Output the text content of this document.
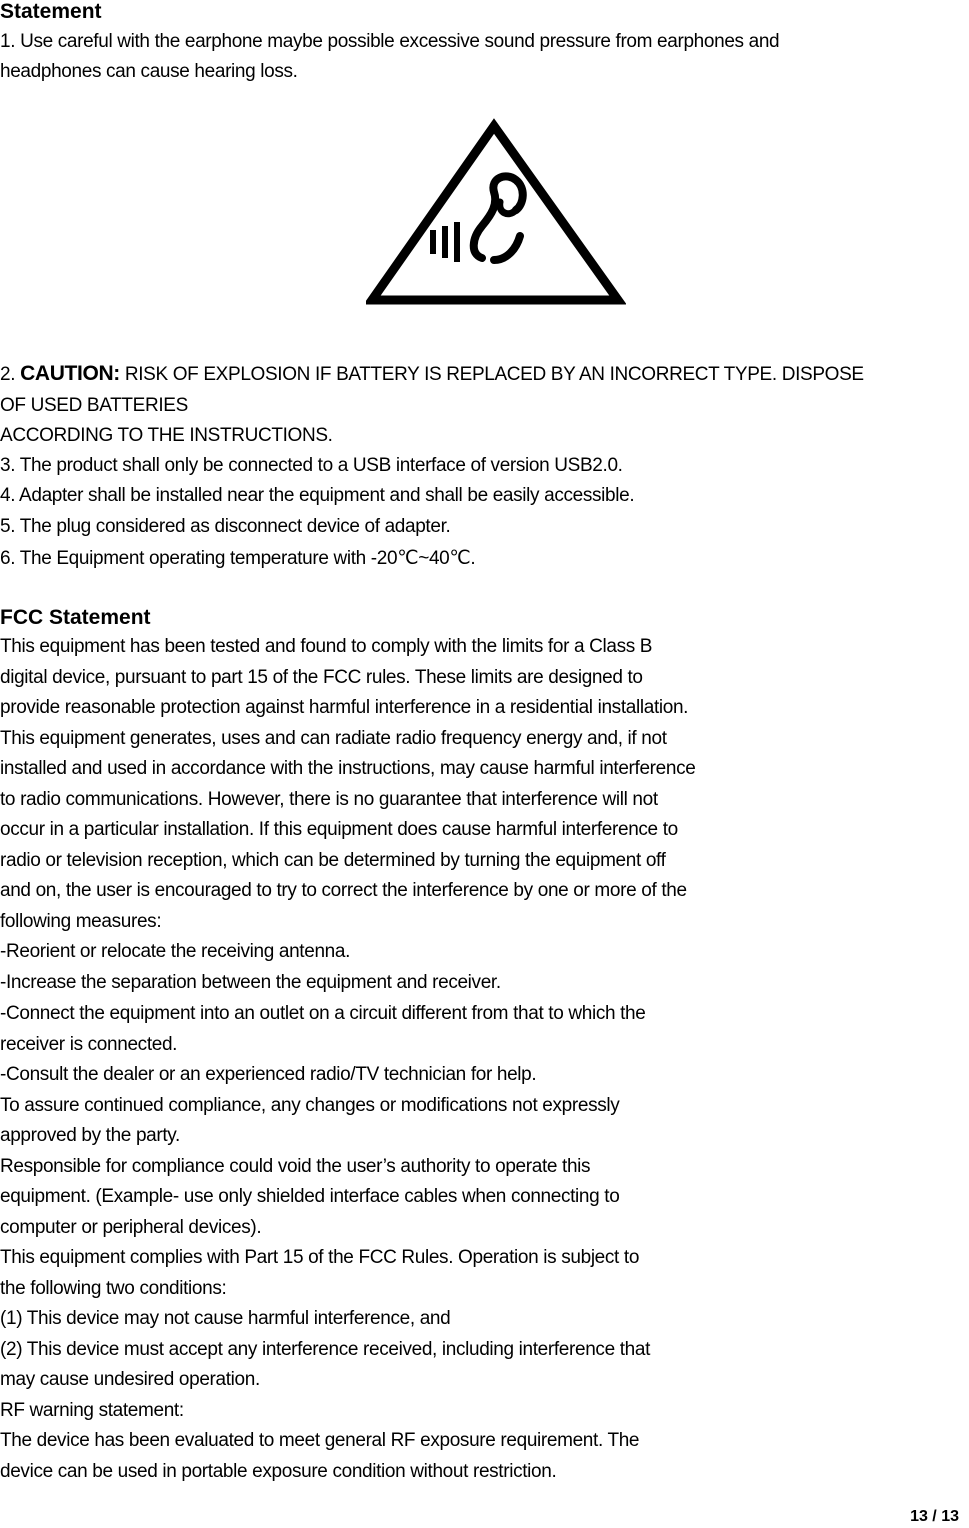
Statement
1. Use careful with the earphone maybe possible excessive sound pressure from earphones and
headphones can cause hearing loss.
2. CAUTION: RISK OF EXPLOSION IF BATTERY IS REPLACED BY AN INCORRECT TYPE. DISPOSE
OF USED BATTERIES
ACCORDING TO THE INSTRUCTIONS.
3. The product shall only be connected to a USB interface of version USB2.0.
4. Adapter shall be installed near the equipment and shall be easily accessible.
5. The plug considered as disconnect device of adapter.
6. The Equipment operating temperature with -20℃~40℃.
FCC Statement
This equipment has been tested and found to comply with the limits for a Class B
digital device, pursuant to part 15 of the FCC rules. These limits are designed to
provide reasonable protection against harmful interference in a residential installation.
This equipment generates, uses and can radiate radio frequency energy and, if not
installed and used in accordance with the instructions, may cause harmful interference
to radio communications. However, there is no guarantee that interference will not
occur in a particular installation. If this equipment does cause harmful interference to
radio or television reception, which can be determined by turning the equipment off
and on, the user is encouraged to try to correct the interference by one or more of the
following measures:
-Reorient or relocate the receiving antenna.
-Increase the separation between the equipment and receiver.
-Connect the equipment into an outlet on a circuit different from that to which the
receiver is connected.
-Consult the dealer or an experienced radio/TV technician for help.
To assure continued compliance, any changes or modifications not expressly
approved by the party.
Responsible for compliance could void the user’s authority to operate this
equipment. (Example- use only shielded interface cables when connecting to
computer or peripheral devices).
This equipment complies with Part 15 of the FCC Rules. Operation is subject to
the following two conditions:
(1) This device may not cause harmful interference, and
(2) This device must accept any interference received, including interference that
may cause undesired operation.
RF warning statement:
The device has been evaluated to meet general RF exposure requirement. The
device can be used in portable exposure condition without restriction.
13 / 13
